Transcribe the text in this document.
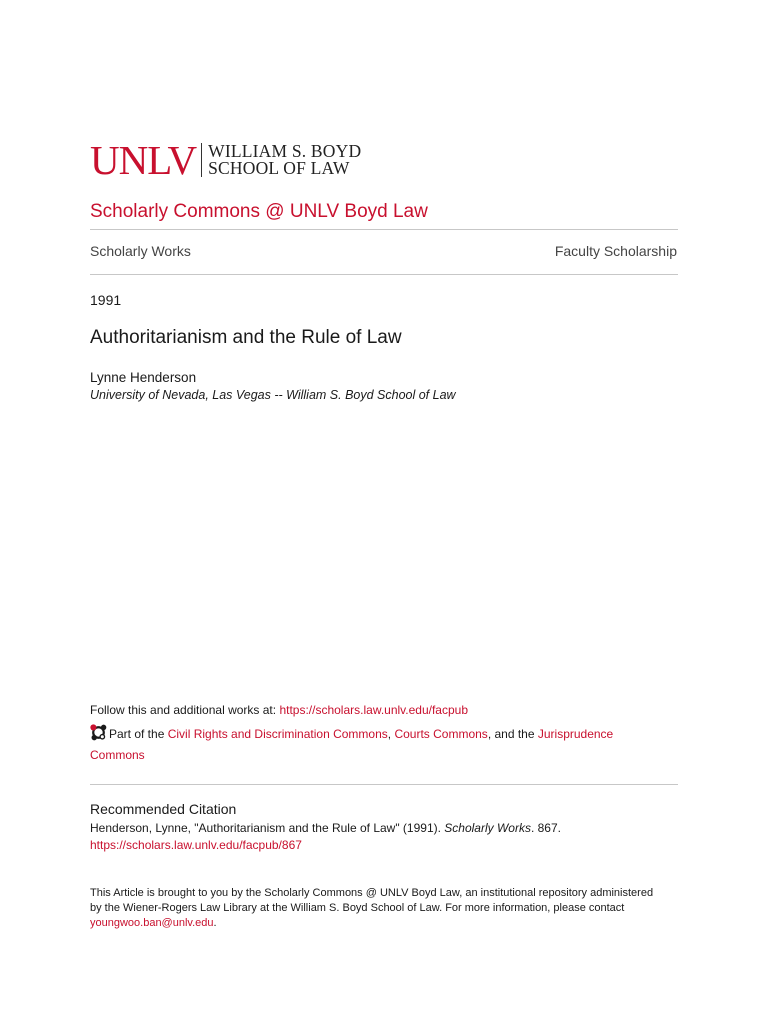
UNLV WILLIAM S. BOYD
SCHOOL OF LAW
Scholarly Commons @ UNLV Boyd Law
Scholarly Works	Faculty Scholarship
1991
Authoritarianism and the Rule of Law
Lynne Henderson
University of Nevada, Las Vegas -- William S. Boyd School of Law
Follow this and additional works at: https://scholars.law.unlv.edu/facpub
Part of the Civil Rights and Discrimination Commons, Courts Commons, and the Jurisprudence Commons
Recommended Citation
Henderson, Lynne, "Authoritarianism and the Rule of Law" (1991). Scholarly Works. 867.
https://scholars.law.unlv.edu/facpub/867

This Article is brought to you by the Scholarly Commons @ UNLV Boyd Law, an institutional repository administered

by the Wiener-Rogers Law Library at the William S. Boyd School of Law. For more information, please contact

youngwoo.ban@unlv.edu.
